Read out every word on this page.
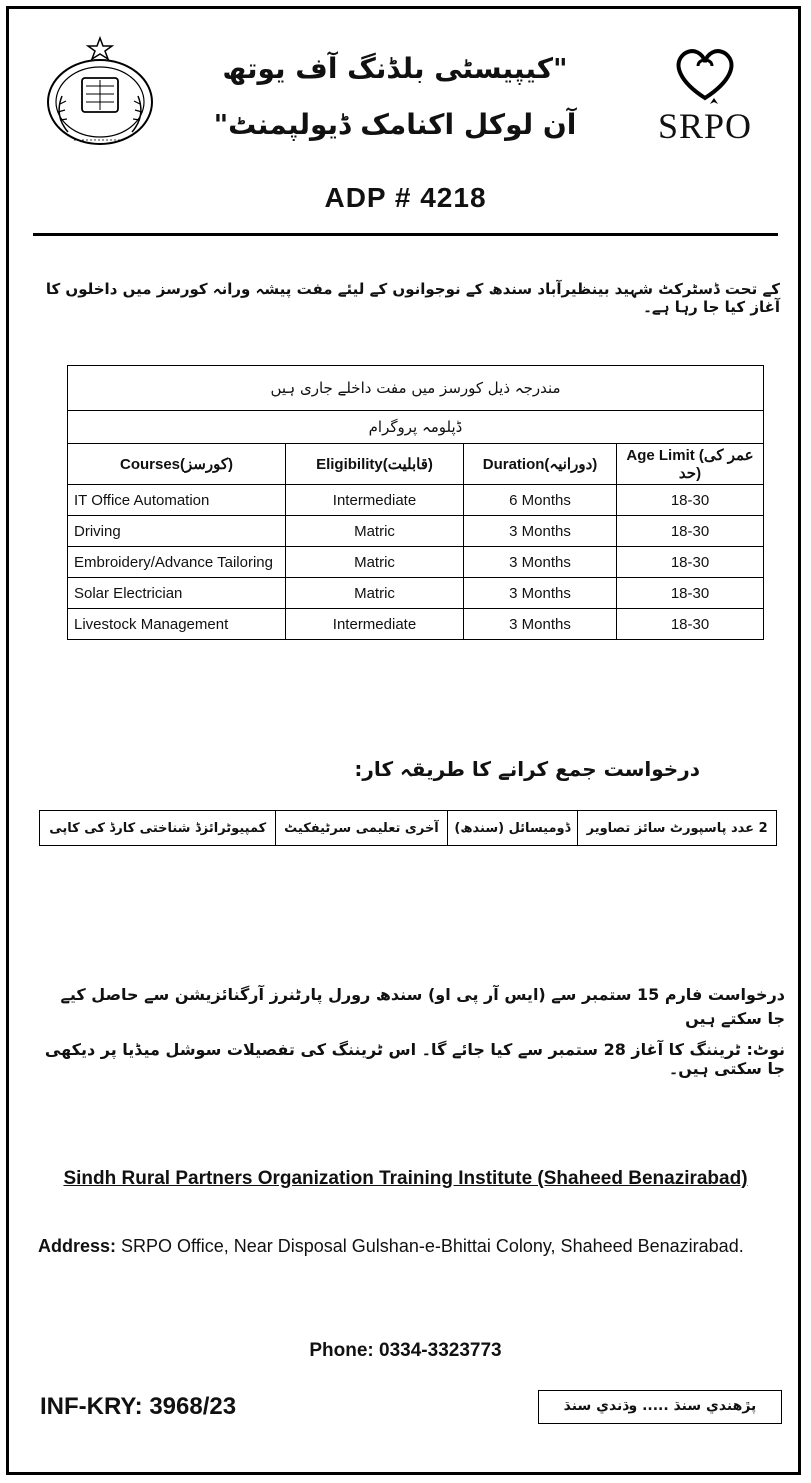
SRPO
"کیپیسٹی بلڈنگ آف یوتھ
آن لوکل اکنامک ڈیولپمنٹ"
ADP # 4218
کے تحت ڈسٹرکٹ شہید بینظیرآباد سندھ کے نوجوانوں کے لیئے مفت پیشہ ورانہ کورسز میں داخلوں کا آغاز کیا جا رہا ہے۔
مندرجہ ذیل کورسز میں مفت داخلے جاری ہیں			
ڈپلومہ پروگرام			
Courses(کورسز)	Eligibility(قابلیت)	Duration(دورانیہ)	Age Limit (عمر کی حد)
IT Office Automation	Intermediate	6 Months	18-30
Driving	Matric	3 Months	18-30
Embroidery/Advance Tailoring	Matric	3 Months	18-30
Solar Electrician	Matric	3 Months	18-30
Livestock Management	Intermediate	3 Months	18-30
درخواست جمع کرانے کا طریقہ کار:
2 عدد پاسپورٹ سائز تصاویر	ڈومیسائل (سندھ)	آخری تعلیمی سرٹیفکیٹ	کمپیوٹرائزڈ شناختی کارڈ کی کاپی
درخواست فارم 15 ستمبر سے (ایس آر پی او) سندھ رورل پارٹنرز آرگنائزیشن سے حاصل کیے جا سکتے ہیں
نوٹ: ٹریننگ کا آغاز 28 ستمبر سے کیا جائے گا۔ اس ٹریننگ کی تفصیلات سوشل میڈیا پر دیکھی جا سکتی ہیں۔
Sindh Rural Partners Organization Training Institute (Shaheed Benazirabad)
Address: SRPO Office, Near Disposal Gulshan-e-Bhittai Colony, Shaheed Benazirabad.
Phone: 0334-3323773
INF-KRY: 3968/23	پڙهندي سنڌ ..... وڌندي سنڌ
